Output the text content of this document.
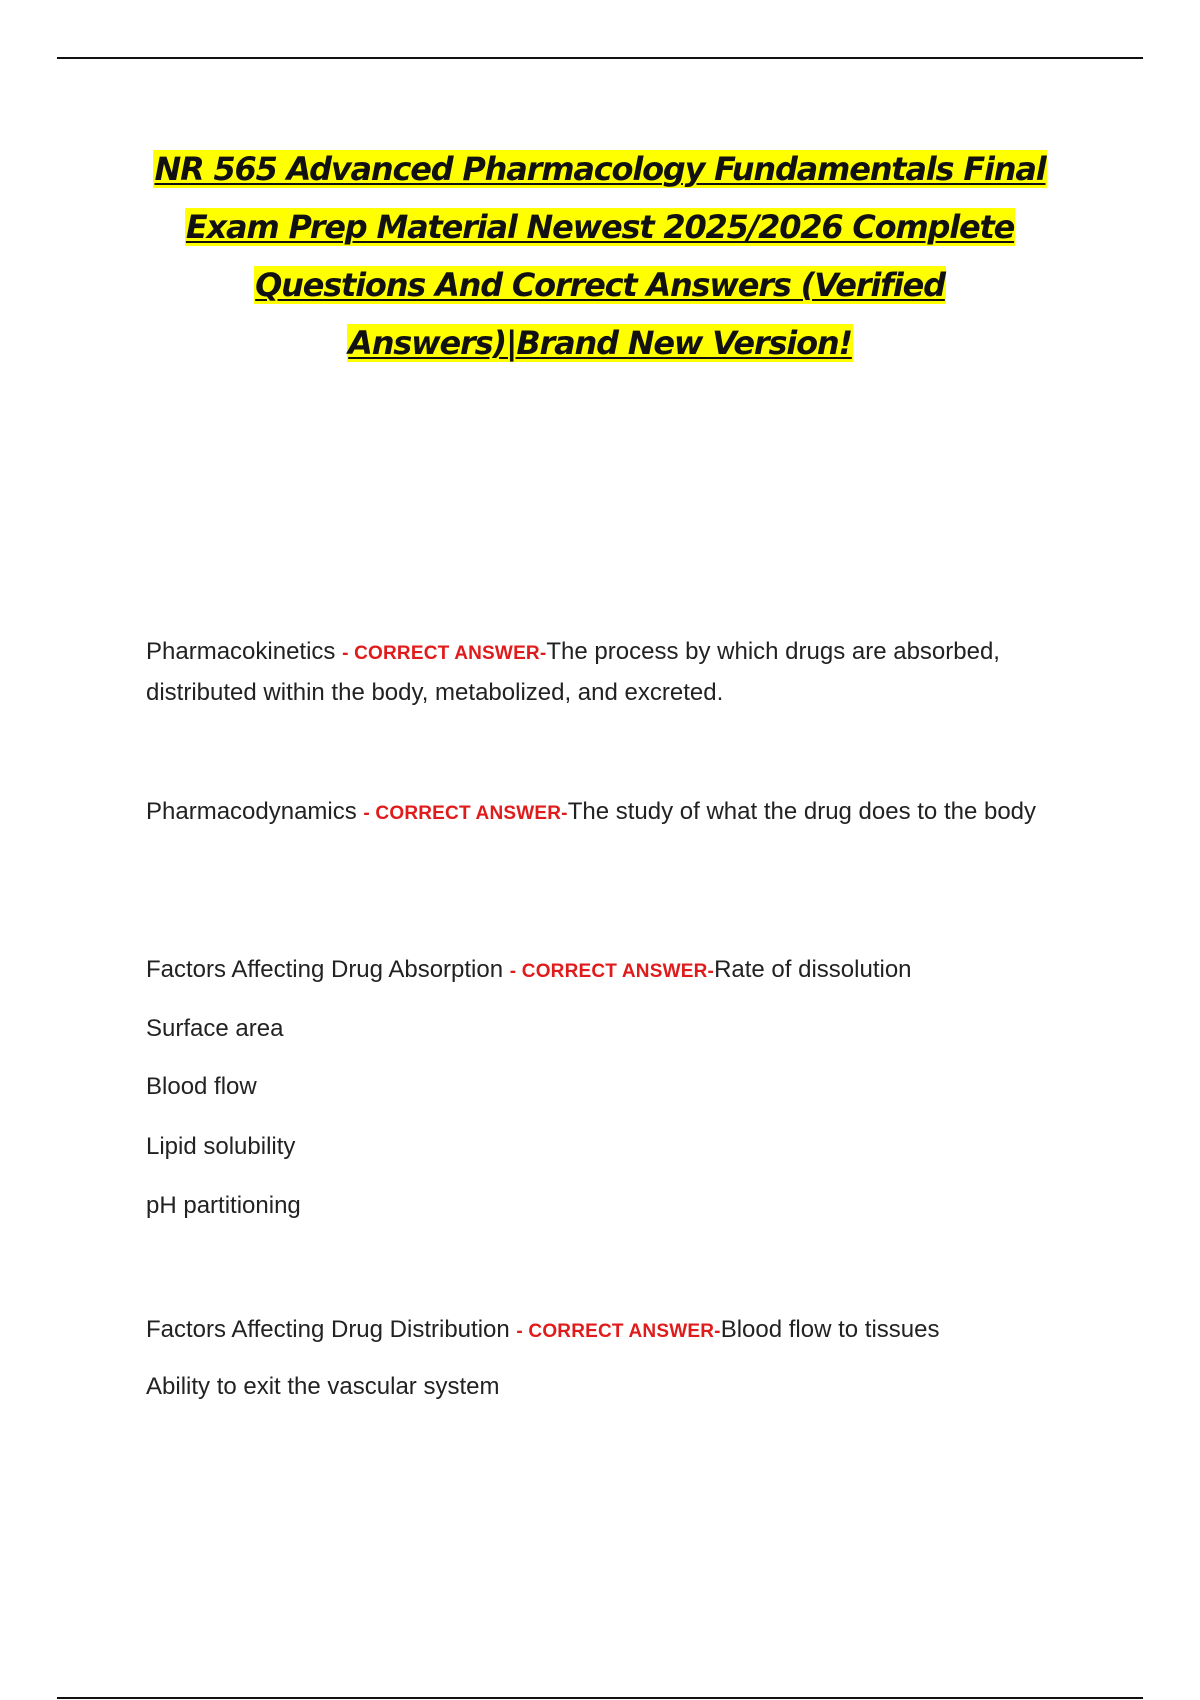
NR 565 Advanced Pharmacology Fundamentals Final
Exam Prep Material Newest 2025/2026 Complete
Questions And Correct Answers (Verified
Answers)|Brand New Version!
Pharmacokinetics - CORRECT ANSWER-The process by which drugs are absorbed, distributed within the body, metabolized, and excreted.
Pharmacodynamics - CORRECT ANSWER-The study of what the drug does to the body
Factors Affecting Drug Absorption - CORRECT ANSWER-Rate of dissolution
Surface area
Blood flow
Lipid solubility
pH partitioning
Factors Affecting Drug Distribution - CORRECT ANSWER-Blood flow to tissues
Ability to exit the vascular system
